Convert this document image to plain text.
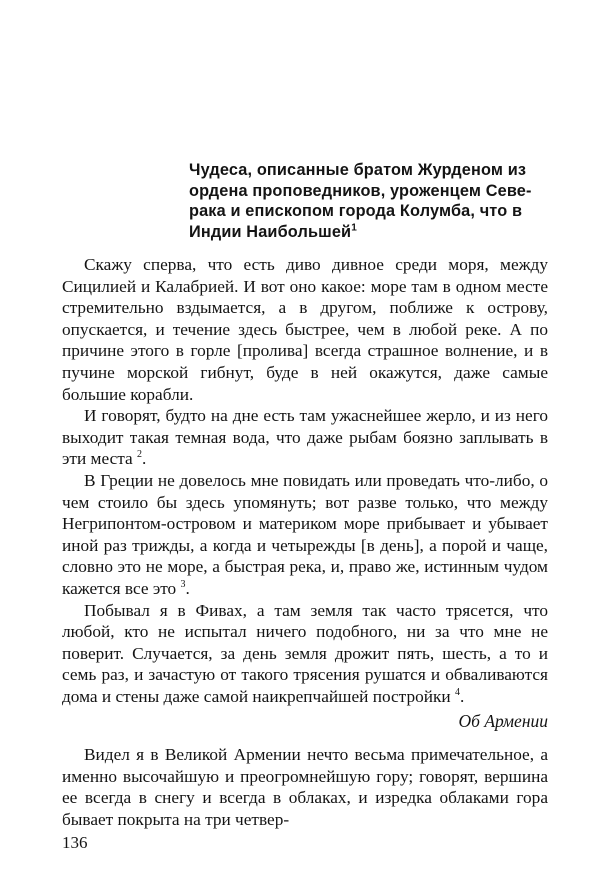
Чудеса, описанные братом Журденом из ордена проповедников, уроженцем Севе-рака и епископом города Колумба, что в Индии Наибольшей$^1$

Скажу сперва, что есть диво дивное среди моря, между Сицилией и Калабрией. И вот оно какое: море там в одном месте стремительно вздымается, а в другом, поближе к острову, опускается, и течение здесь быстрее, чем в любой реке. А по причине этого в горле [пролива] всегда страшное волнение, и в пучине морской гибнут, буде в ней окажутся, даже самые большие корабли.

И говорят, будто на дне есть там ужаснейшее жерло, и из него выходит такая темная вода, что даже рыбам боязно заплывать в эти места $^2$.

В Греции не довелось мне повидать или проведать что-либо, о чем стоило бы здесь упомянуть; вот разве только, что между Негрипонтом-островом и материком море прибывает и убывает иной раз трижды, а когда и четырежды [в день], а порой и чаще, словно это не море, а быстрая река, и, право же, истинным чудом кажется все это $^3$.

Побывал я в Фивах, а там земля так часто трясется, что любой, кто не испытал ничего подобного, ни за что мне не поверит. Случается, за день земля дрожит пять, шесть, а то и семь раз, и зачастую от такого трясения рушатся и обваливаются дома и стены даже самой наикрепчайшей постройки $^4$.

Об Армении

Видел я в Великой Армении нечто весьма примечательное, а именно высочайшую и преогромнейшую гору; говорят, вершина ее всегда в снегу и всегда в облаках, и изредка облаками гора бывает покрыта на три четвер-

136
